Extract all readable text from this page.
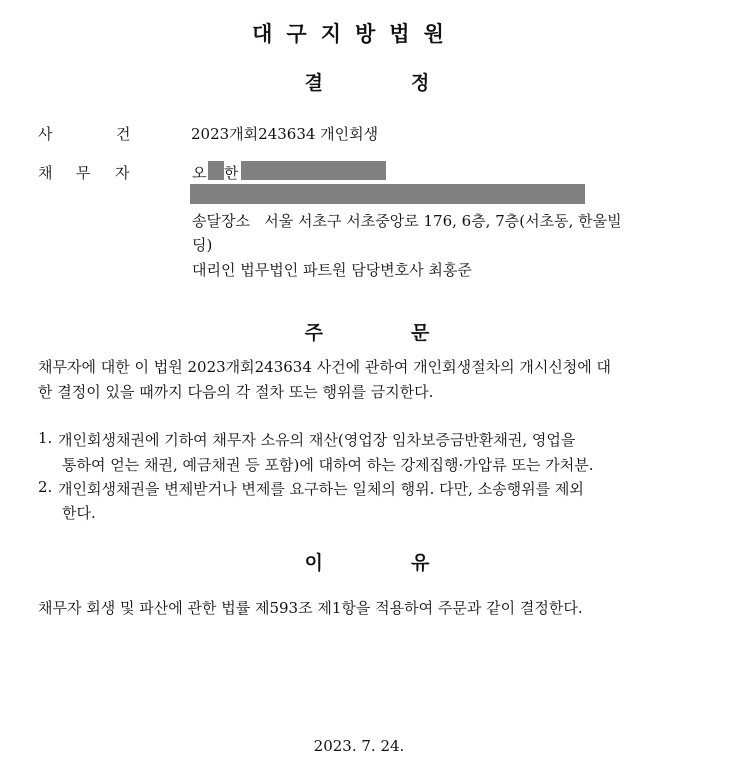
대구지방법원
결	정
사	건	2023개회243634 개인회생
채 무 자	오 한
송달장소 서울 서초구 서초중앙로 176, 6층, 7층(서초동, 한울빌
딩)
대리인 법무법인 파트원 담당변호사 최홍준
주	문
채무자에 대한 이 법원 2023개회243634 사건에 관하여 개인회생절차의 개시신청에 대
한 결정이 있을 때까지 다음의 각 절차 또는 행위를 금지한다.
1. 개인회생채권에 기하여 채무자 소유의 재산(영업장 임차보증금반환채권, 영업을
통하여 얻는 채권, 예금채권 등 포함)에 대하여 하는 강제집행·가압류 또는 가처분.
2. 개인회생채권을 변제받거나 변제를 요구하는 일체의 행위. 다만, 소송행위를 제외
한다.
이	유
채무자 회생 및 파산에 관한 법률 제593조 제1항을 적용하여 주문과 같이 결정한다.
2023. 7. 24.
